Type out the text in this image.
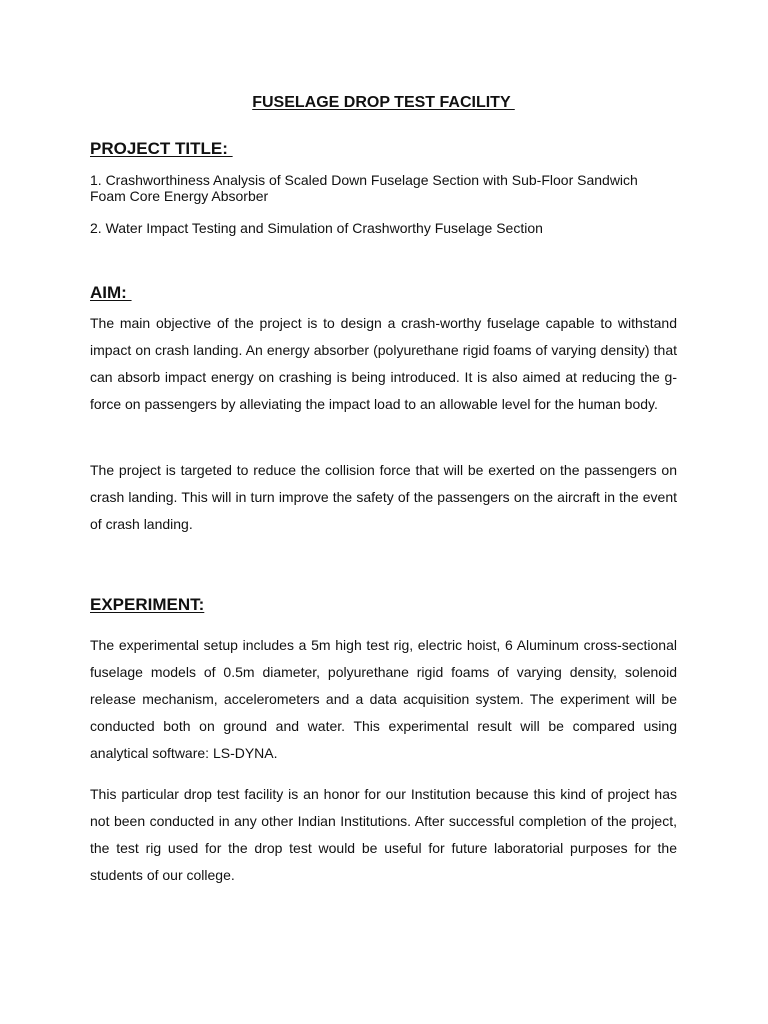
FUSELAGE DROP TEST FACILITY
PROJECT TITLE:
1. Crashworthiness Analysis of Scaled Down Fuselage Section with Sub-Floor Sandwich Foam Core Energy Absorber
2. Water Impact Testing and Simulation of Crashworthy Fuselage Section
AIM:
The main objective of the project is to design a crash-worthy fuselage capable to withstand impact on crash landing. An energy absorber (polyurethane rigid foams of varying density) that can absorb impact energy on crashing is being introduced. It is also aimed at reducing the g-force on passengers by alleviating the impact load to an allowable level for the human body.
The project is targeted to reduce the collision force that will be exerted on the passengers on crash landing. This will in turn improve the safety of the passengers on the aircraft in the event of crash landing.
EXPERIMENT:
The experimental setup includes a 5m high test rig, electric hoist, 6 Aluminum cross-sectional fuselage models of 0.5m diameter, polyurethane rigid foams of varying density, solenoid release mechanism, accelerometers and a data acquisition system. The experiment will be conducted both on ground and water. This experimental result will be compared using analytical software: LS-DYNA.
This particular drop test facility is an honor for our Institution because this kind of project has not been conducted in any other Indian Institutions. After successful completion of the project, the test rig used for the drop test would be useful for future laboratorial purposes for the students of our college.
